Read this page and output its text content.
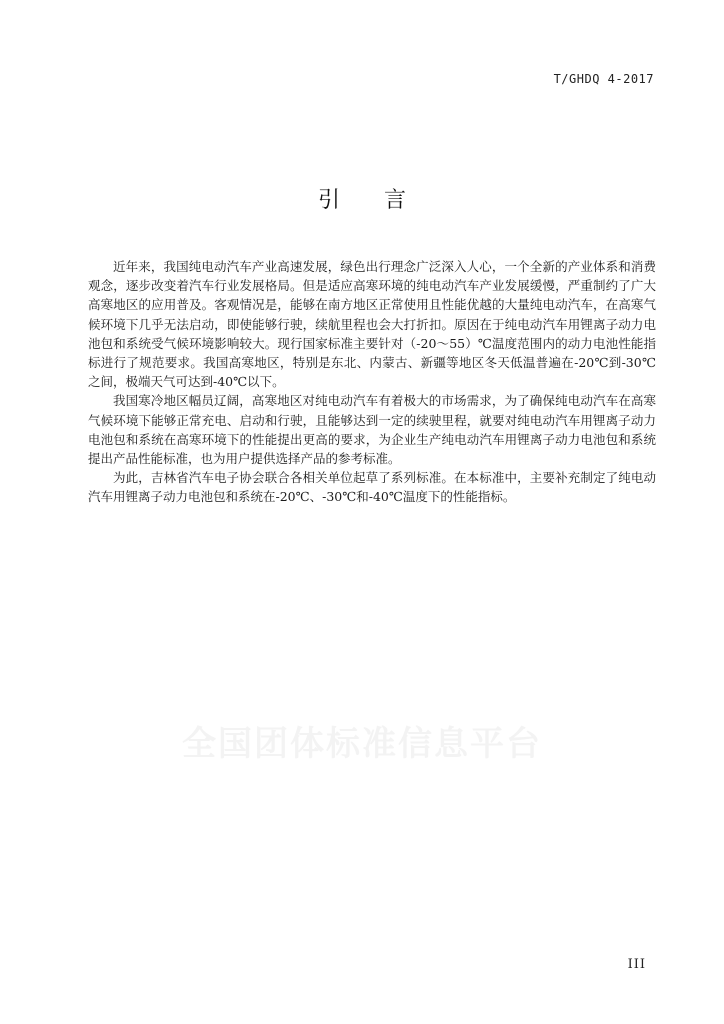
T/GHDQ 4-2017
引言

近年来，我国纯电动汽车产业高速发展，绿色出行理念广泛深入人心，一个全新的产业体系和消费观念，逐步改变着汽车行业发展格局。但是适应高寒环境的纯电动汽车产业发展缓慢，严重制约了广大高寒地区的应用普及。客观情况是，能够在南方地区正常使用且性能优越的大量纯电动汽车，在高寒气候环境下几乎无法启动，即使能够行驶，续航里程也会大打折扣。原因在于纯电动汽车用锂离子动力电池包和系统受气候环境影响较大。现行国家标准主要针对（-20～55）℃温度范围内的动力电池性能指标进行了规范要求。我国高寒地区，特别是东北、内蒙古、新疆等地区冬天低温普遍在-20℃到-30℃之间，极端天气可达到-40℃以下。

我国寒冷地区幅员辽阔，高寒地区对纯电动汽车有着极大的市场需求，为了确保纯电动汽车在高寒气候环境下能够正常充电、启动和行驶，且能够达到一定的续驶里程，就要对纯电动汽车用锂离子动力电池包和系统在高寒环境下的性能提出更高的要求，为企业生产纯电动汽车用锂离子动力电池包和系统提出产品性能标准，也为用户提供选择产品的参考标准。

为此，吉林省汽车电子协会联合各相关单位起草了系列标准。在本标准中，主要补充制定了纯电动汽车用锂离子动力电池包和系统在-20℃、-30℃和-40℃温度下的性能指标。

全国团体标准信息平台
III
